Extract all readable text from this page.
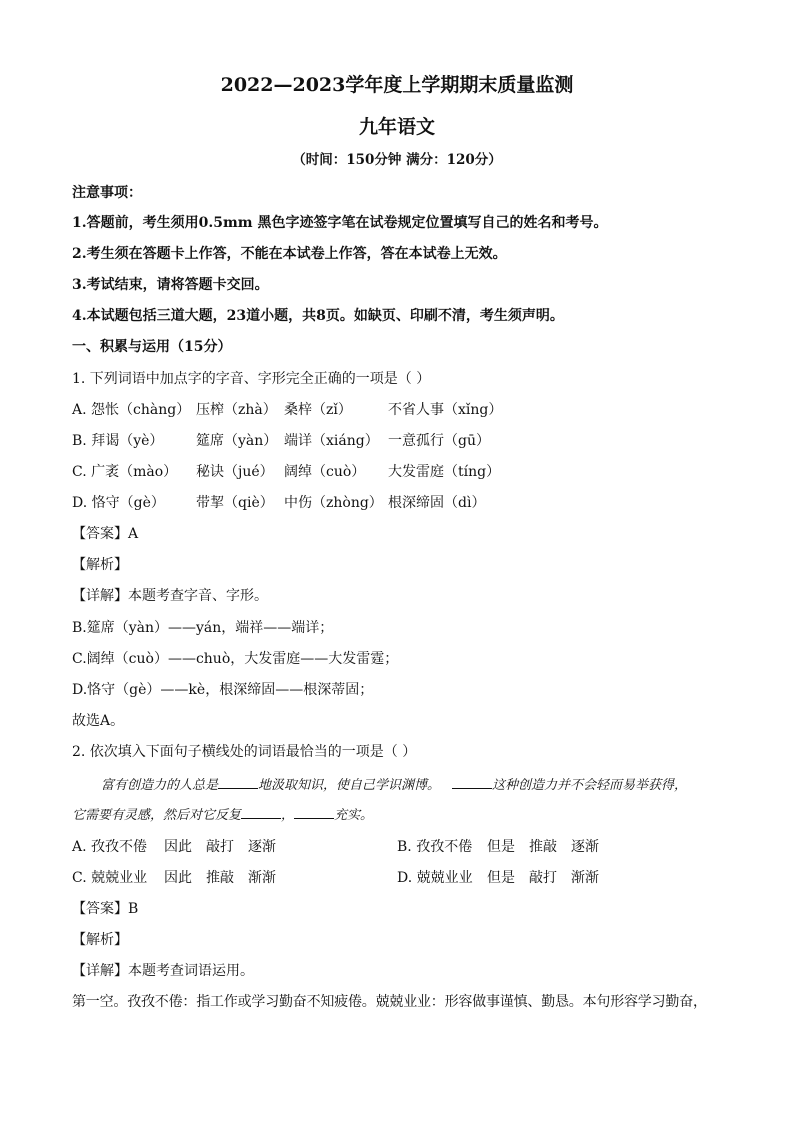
2022—2023学年度上学期期末质量监测
九年语文
（时间：150分钟 满分：120分）
注意事项：
1.答题前，考生须用0.5mm 黑色字迹签字笔在试卷规定位置填写自己的姓名和考号。
2.考生须在答题卡上作答，不能在本试卷上作答，答在本试卷上无效。
3.考试结束，请将答题卡交回。
4.本试题包括三道大题，23道小题，共8页。如缺页、印刷不清，考生须声明。
一、积累与运用（15分）
1. 下列词语中加点字的字音、字形完全正确的一项是（ ）
A. 怨怅（chàng） 压榨（zhà） 桑梓（zǐ）	不省人事（xǐng）
B. 拜谒（yè） 筵席（yàn） 端详（xiáng） 一意孤行（gū）
C. 广袤（mào） 秘诀（jué） 阔绰（cuò） 大发雷庭（tíng）
D. 恪守（gè） 带挈（qiè） 中伤（zhòng） 根深缔固（dì）
【答案】A
【解析】
【详解】本题考查字音、字形。
B.筵席（yàn）——yán，端祥——端详；
C.阔绰（cuò）——chuò，大发雷庭——大发雷霆；
D.恪守（gè）——kè，根深缔固——根深蒂固；
故选A。
2. 依次填入下面句子横线处的词语最恰当的一项是（ ）
富有创造力的人总是	地汲取知识，使自己学识渊博。	这种创造力并不会轻而易举获得，
它需要有灵感，然后对它反复	，	充实。
A. 孜孜不倦 因此 敲打 逐渐	B. 孜孜不倦 但是 推敲 逐渐
C. 兢兢业业 因此 推敲 渐渐	D. 兢兢业业 但是 敲打 渐渐
【答案】B
【解析】
【详解】本题考查词语运用。
第一空。孜孜不倦：指工作或学习勤奋不知疲倦。兢兢业业：形容做事谨慎、勤恳。本句形容学习勤奋，
